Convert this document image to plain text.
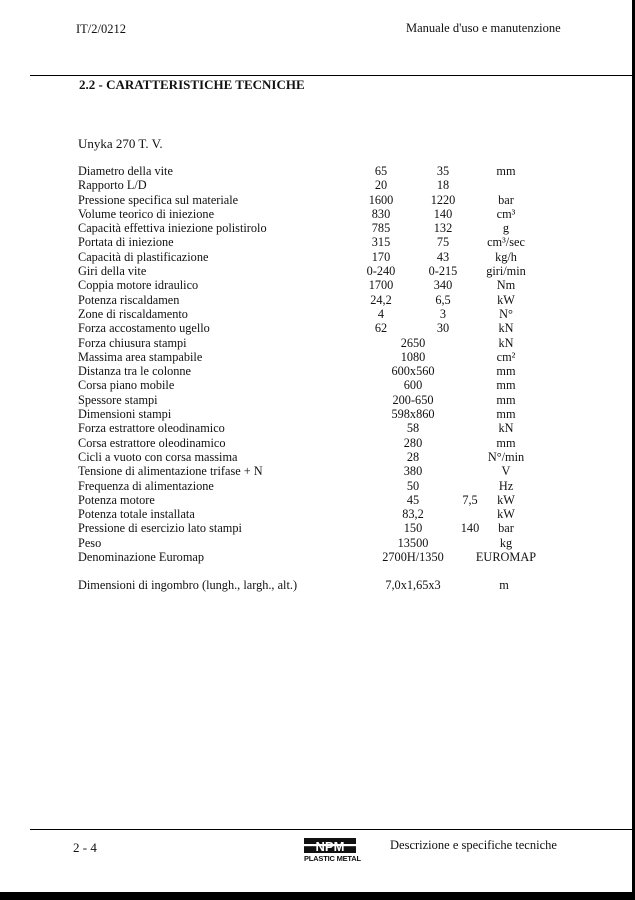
IT/2/0212	Manuale d'uso e manutenzione
2.2 - CARATTERISTICHE TECNICHE
Unyka 270 T. V.
Diametro della vite	65	35	mm
Rapporto L/D	20	18
Pressione specifica sul materiale	1600	1220	bar
Volume teorico di iniezione	830	140	cm³
Capacità effettiva iniezione polistirolo	785	132	g
Portata di iniezione	315	75	cm³/sec
Capacità di plastificazione	170	43	kg/h
Giri della vite	0-240	0-215	giri/min
Coppia motore idraulico	1700	340	Nm
Potenza riscaldamen	24,2	6,5	kW
Zone di riscaldamento	4	3	N°
Forza accostamento ugello	62	30	kN
Forza chiusura stampi	2650	kN
Massima area stampabile	1080	cm²
Distanza tra le colonne	600x560	mm
Corsa piano mobile	600	mm
Spessore stampi	200-650	mm
Dimensioni stampi	598x860	mm
Forza estrattore oleodinamico	58	kN
Corsa estrattore oleodinamico	280	mm
Cicli a vuoto con corsa massima	28	N°/min
Tensione di alimentazione trifase + N	380	V
Frequenza di alimentazione	50	Hz
Potenza motore	45	7,5	kW
Potenza totale installata	83,2	kW
Pressione di esercizio lato stampi	150	140	bar
Peso	13500	kg
Denominazione Euromap	2700H/1350	EUROMAP
Dimensioni di ingombro (lungh., largh., alt.)	7,0x1,65x3	m
2 - 4	NPM
PLASTIC METAL
Descrizione e specifiche tecniche
